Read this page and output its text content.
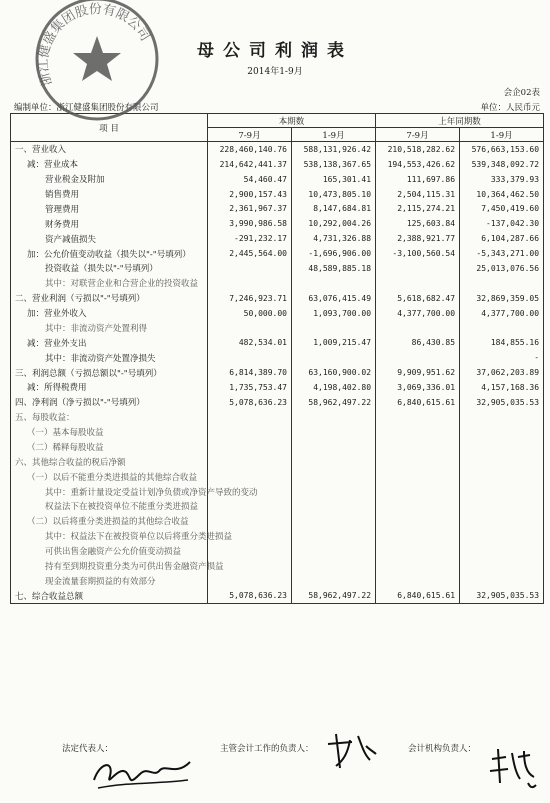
母公司利润表
2014年1-9月
会企02表
编制单位：浙江健盛集团股份有限公司	单位：人民币元
项 目	本期数		上年同期数	
	7-9月	1-9月	7-9月	1-9月
一、营业收入	228,460,140.76	588,131,926.42	210,518,282.62	576,663,153.60
减：营业成本	214,642,441.37	538,138,367.65	194,553,426.62	539,348,092.72
营业税金及附加	54,460.47	165,301.41	111,697.86	333,379.93
销售费用	2,900,157.43	10,473,805.10	2,504,115.31	10,364,462.50
管理费用	2,361,967.37	8,147,684.81	2,115,274.21	7,450,419.60
财务费用	3,990,986.58	10,292,004.26	125,603.84	-137,042.30
资产减值损失	-291,232.17	4,731,326.88	2,388,921.77	6,104,287.66
加：公允价值变动收益（损失以"-"号填列）	2,445,564.00	-1,696,906.00	-3,100,560.54	-5,343,271.00
投资收益（损失以"-"号填列）		48,589,885.18		25,013,076.56
其中：对联营企业和合营企业的投资收益				
二、营业利润（亏损以"-"号填列）	7,246,923.71	63,076,415.49	5,618,682.47	32,869,359.05
加：营业外收入	50,000.00	1,093,700.00	4,377,700.00	4,377,700.00
其中：非流动资产处置利得				
减：营业外支出	482,534.01	1,009,215.47	86,430.85	184,855.16
其中：非流动资产处置净损失				-
三、利润总额（亏损总额以"-"号填列）	6,814,389.70	63,160,900.02	9,909,951.62	37,062,203.89
减：所得税费用	1,735,753.47	4,198,402.80	3,069,336.01	4,157,168.36
四、净利润（净亏损以"-"号填列）	5,078,636.23	58,962,497.22	6,840,615.61	32,905,035.53
五、每股收益：				
（一）基本每股收益				
（二）稀释每股收益				
六、其他综合收益的税后净额				
（一）以后不能重分类进损益的其他综合收益				
其中：重新计量设定受益计划净负债或净资产导致的变动				
权益法下在被投资单位不能重分类进损益				
（二）以后将重分类进损益的其他综合收益				
其中：权益法下在被投资单位以后将重分类进损益				
可供出售金融资产公允价值变动损益				
持有至到期投资重分类为可供出售金融资产损益				
现金流量套期损益的有效部分				
七、综合收益总额	5,078,636.23	58,962,497.22	6,840,615.61	32,905,035.53
法定代表人：	主管会计工作的负责人：	会计机构负责人：
浙江健盛集团股份有限公司
